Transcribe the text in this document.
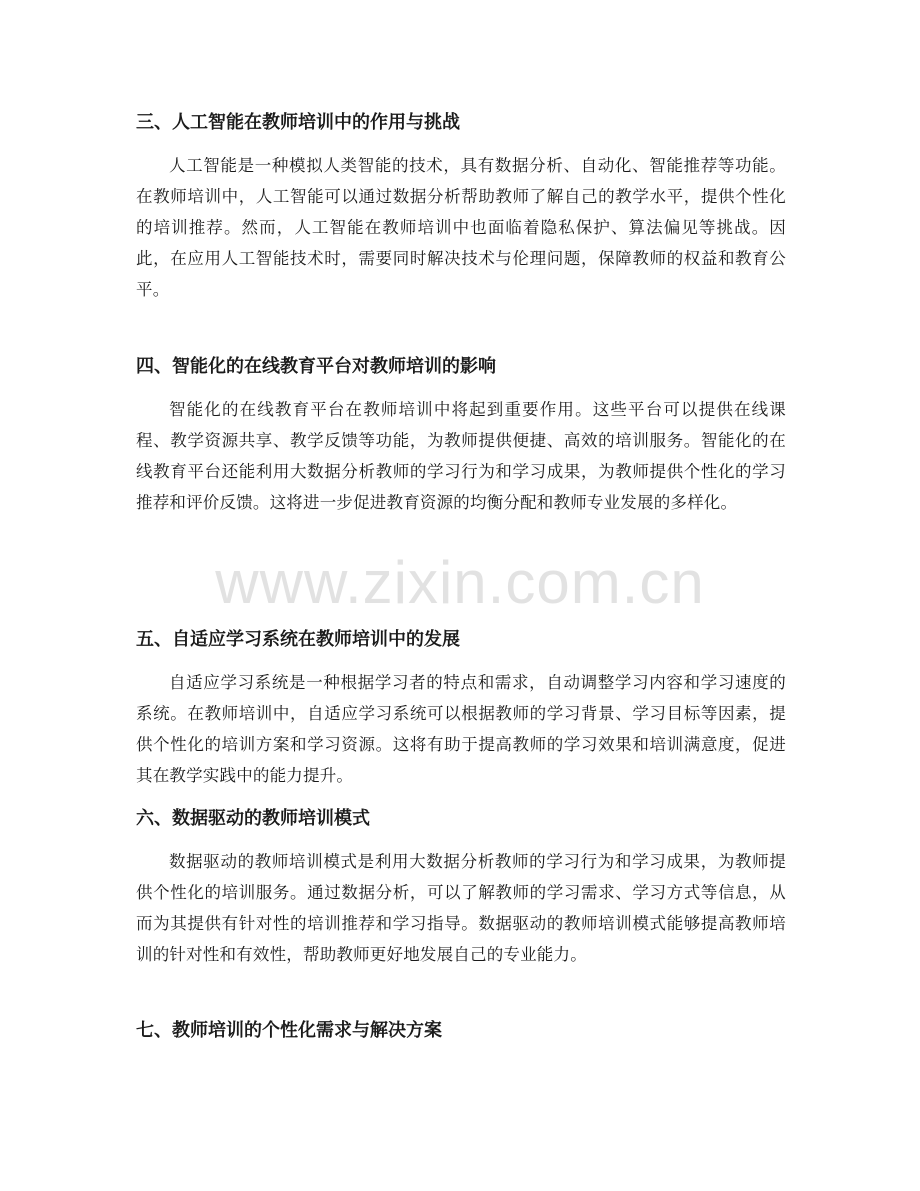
三、人工智能在教师培训中的作用与挑战

人工智能是一种模拟人类智能的技术，具有数据分析、自动化、智能推荐等功能。在教师培训中，人工智能可以通过数据分析帮助教师了解自己的教学水平，提供个性化的培训推荐。然而，人工智能在教师培训中也面临着隐私保护、算法偏见等挑战。因此，在应用人工智能技术时，需要同时解决技术与伦理问题，保障教师的权益和教育公平。

四、智能化的在线教育平台对教师培训的影响

智能化的在线教育平台在教师培训中将起到重要作用。这些平台可以提供在线课程、教学资源共享、教学反馈等功能，为教师提供便捷、高效的培训服务。智能化的在线教育平台还能利用大数据分析教师的学习行为和学习成果，为教师提供个性化的学习推荐和评价反馈。这将进一步促进教育资源的均衡分配和教师专业发展的多样化。

五、自适应学习系统在教师培训中的发展

自适应学习系统是一种根据学习者的特点和需求，自动调整学习内容和学习速度的系统。在教师培训中，自适应学习系统可以根据教师的学习背景、学习目标等因素，提供个性化的培训方案和学习资源。这将有助于提高教师的学习效果和培训满意度，促进其在教学实践中的能力提升。

六、数据驱动的教师培训模式

数据驱动的教师培训模式是利用大数据分析教师的学习行为和学习成果，为教师提供个性化的培训服务。通过数据分析，可以了解教师的学习需求、学习方式等信息，从而为其提供有针对性的培训推荐和学习指导。数据驱动的教师培训模式能够提高教师培训的针对性和有效性，帮助教师更好地发展自己的专业能力。

七、教师培训的个性化需求与解决方案
www.zixin.com.cn
